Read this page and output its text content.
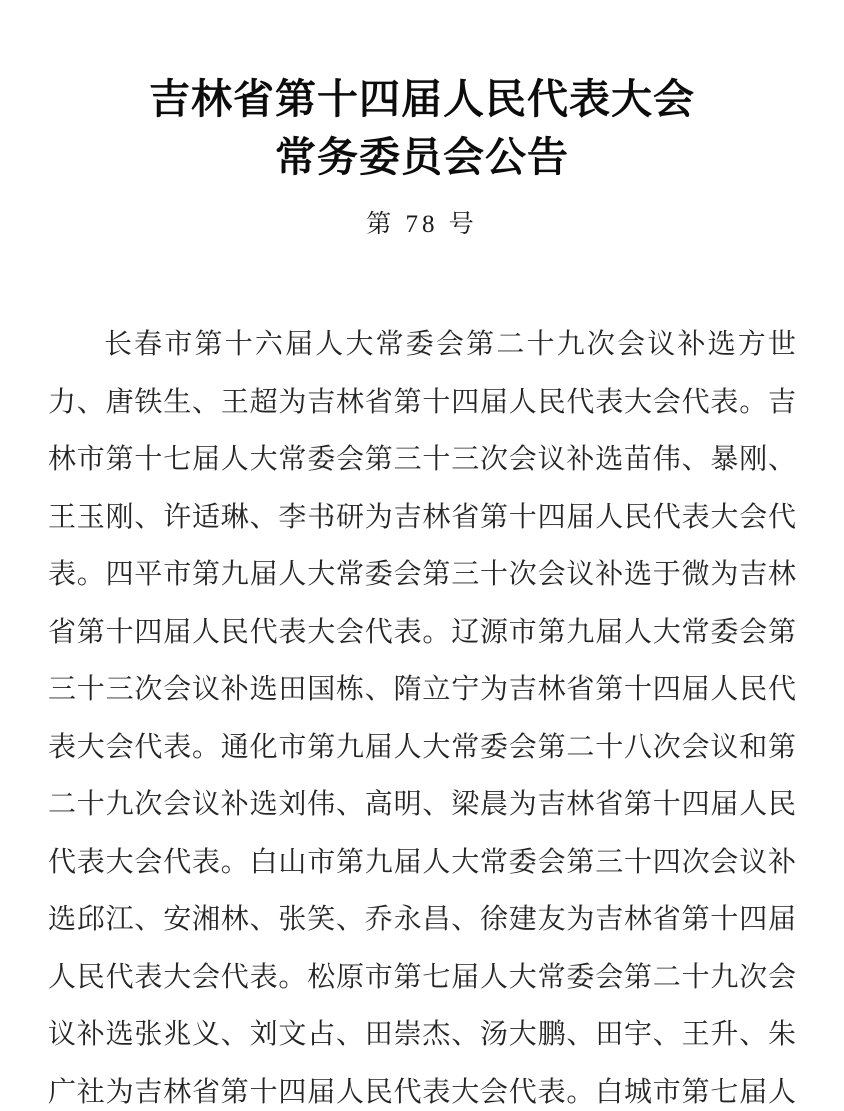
吉林省第十四届人民代表大会
常务委员会公告
第 78 号
长春市第十六届人大常委会第二十九次会议补选方世
力、唐铁生、王超为吉林省第十四届人民代表大会代表。吉
林市第十七届人大常委会第三十三次会议补选苗伟、暴刚、
王玉刚、许适琳、李书研为吉林省第十四届人民代表大会代
表。四平市第九届人大常委会第三十次会议补选于微为吉林
省第十四届人民代表大会代表。辽源市第九届人大常委会第
三十三次会议补选田国栋、隋立宁为吉林省第十四届人民代
表大会代表。通化市第九届人大常委会第二十八次会议和第
二十九次会议补选刘伟、高明、梁晨为吉林省第十四届人民
代表大会代表。白山市第九届人大常委会第三十四次会议补
选邱江、安湘林、张笑、乔永昌、徐建友为吉林省第十四届
人民代表大会代表。松原市第七届人大常委会第二十九次会
议补选张兆义、刘文占、田崇杰、汤大鹏、田宇、王升、朱
广社为吉林省第十四届人民代表大会代表。白城市第七届人
